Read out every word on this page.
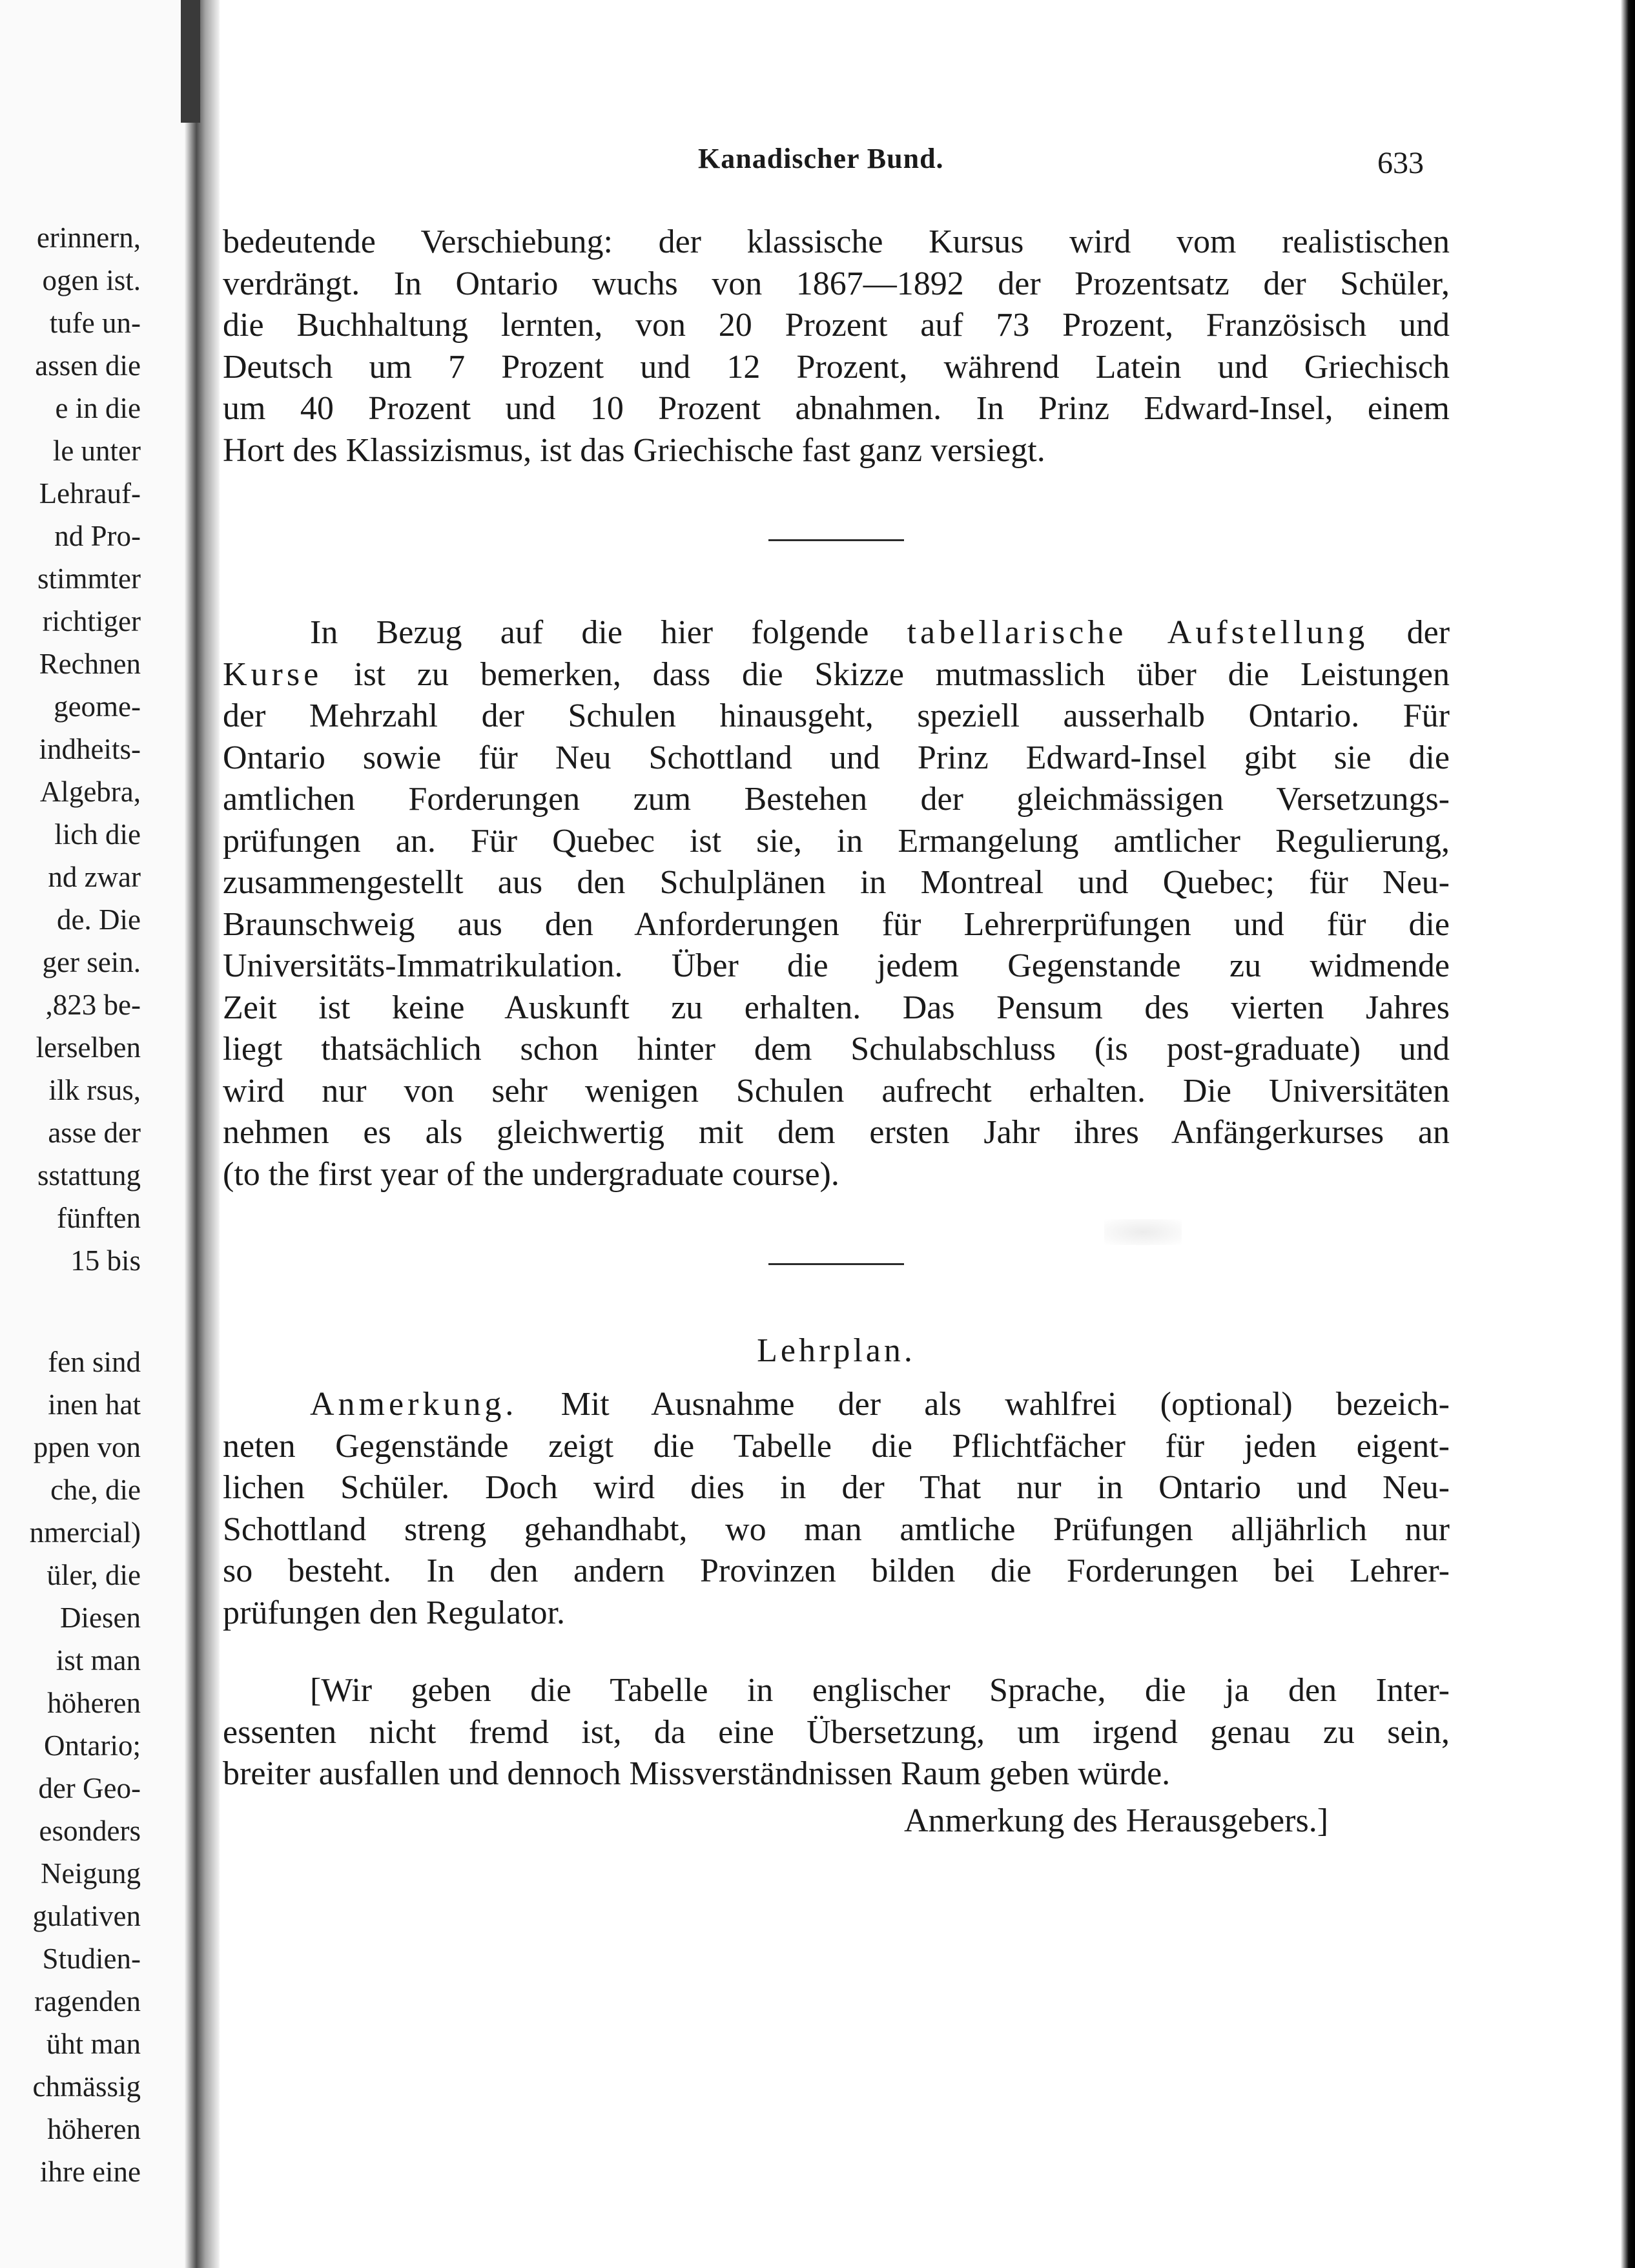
erinnern,
ogen ist.
tufe un-
assen die
e in die
le unter
Lehrauf-
nd Pro-
stimmter
richtiger
Rechnen
geome-
indheits-
Algebra,
lich die
nd zwar
de. Die
ger sein.
,823 be-
lerselben
ilk rsus,
asse der
sstattung
fünften
15 bis
fen sind
inen hat
ppen von
che, die
nmercial)
üler, die
Diesen
ist man
höheren
Ontario;
der Geo-
esonders
Neigung
gulativen
Studien-
ragenden
üht man
chmässig
höheren
ihre eine
Kanadischer Bund.	633
bedeutende Verschiebung: der klassische Kursus wird vom realistischen
verdrängt. In Ontario wuchs von 1867—1892 der Prozentsatz der Schüler,
die Buchhaltung lernten, von 20 Prozent auf 73 Prozent, Französisch und
Deutsch um 7 Prozent und 12 Prozent, während Latein und Griechisch
um 40 Prozent und 10 Prozent abnahmen. In Prinz Edward-Insel, einem
Hort des Klassizismus, ist das Griechische fast ganz versiegt.
In Bezug auf die hier folgende tabellarische Aufstellung der
Kurse ist zu bemerken, dass die Skizze mutmasslich über die Leistungen
der Mehrzahl der Schulen hinausgeht, speziell ausserhalb Ontario. Für
Ontario sowie für Neu Schottland und Prinz Edward-Insel gibt sie die
amtlichen Forderungen zum Bestehen der gleichmässigen Versetzungs-
prüfungen an. Für Quebec ist sie, in Ermangelung amtlicher Regulierung,
zusammengestellt aus den Schulplänen in Montreal und Quebec; für Neu-
Braunschweig aus den Anforderungen für Lehrerprüfungen und für die
Universitäts-Immatrikulation. Über die jedem Gegenstande zu widmende
Zeit ist keine Auskunft zu erhalten. Das Pensum des vierten Jahres
liegt thatsächlich schon hinter dem Schulabschluss (is post-graduate) und
wird nur von sehr wenigen Schulen aufrecht erhalten. Die Universitäten
nehmen es als gleichwertig mit dem ersten Jahr ihres Anfängerkurses an
(to the first year of the undergraduate course).
Lehrplan.
Anmerkung. Mit Ausnahme der als wahlfrei (optional) bezeich-
neten Gegenstände zeigt die Tabelle die Pflichtfächer für jeden eigent-
lichen Schüler. Doch wird dies in der That nur in Ontario und Neu-
Schottland streng gehandhabt, wo man amtliche Prüfungen alljährlich nur
so besteht. In den andern Provinzen bilden die Forderungen bei Lehrer-
prüfungen den Regulator.
[Wir geben die Tabelle in englischer Sprache, die ja den Inter-
essenten nicht fremd ist, da eine Übersetzung, um irgend genau zu sein,
breiter ausfallen und dennoch Missverständnissen Raum geben würde.
Anmerkung des Herausgebers.]
